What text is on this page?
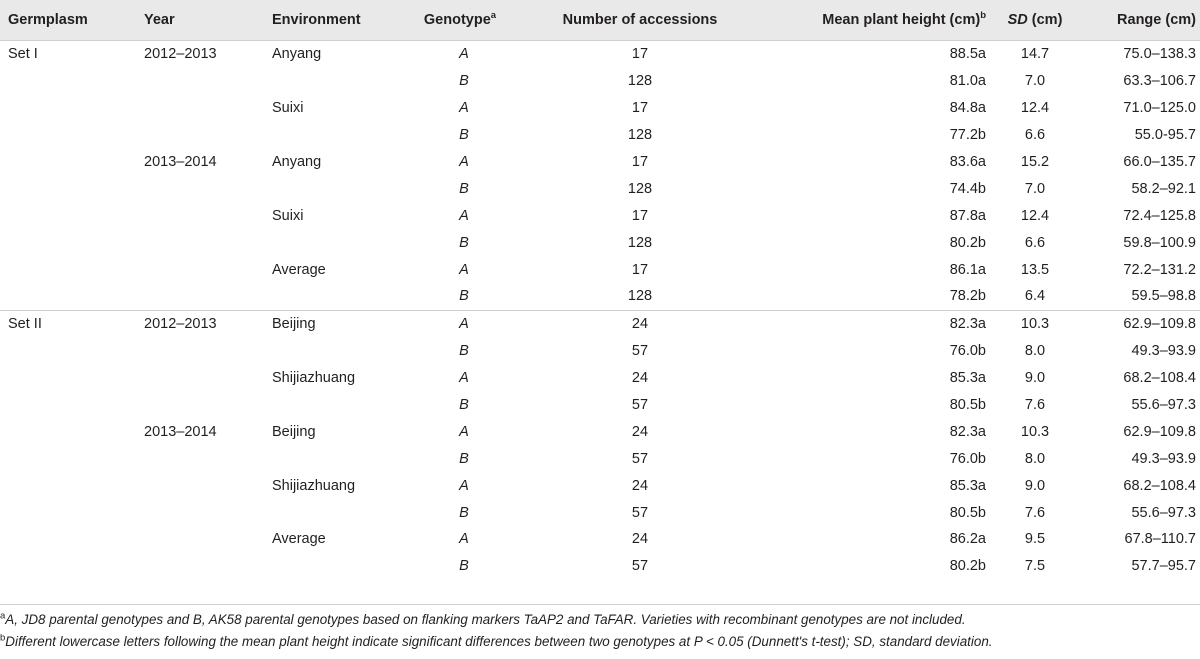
Germplasm	Year	Environment	Genotype$^a$	Number of accessions	Mean plant height (cm)$^b$	SD (cm)	Range (cm)
Set I	2012–2013	Anyang	A	17	88.5a	14.7	75.0–138.3
			B	128	81.0a	7.0	63.3–106.7
		Suixi	A	17	84.8a	12.4	71.0–125.0
			B	128	77.2b	6.6	55.0-95.7
	2013–2014	Anyang	A	17	83.6a	15.2	66.0–135.7
			B	128	74.4b	7.0	58.2–92.1
		Suixi	A	17	87.8a	12.4	72.4–125.8
			B	128	80.2b	6.6	59.8–100.9
		Average	A	17	86.1a	13.5	72.2–131.2
			B	128	78.2b	6.4	59.5–98.8
Set II	2012–2013	Beijing	A	24	82.3a	10.3	62.9–109.8
			B	57	76.0b	8.0	49.3–93.9
		Shijiazhuang	A	24	85.3a	9.0	68.2–108.4
			B	57	80.5b	7.6	55.6–97.3
	2013–2014	Beijing	A	24	82.3a	10.3	62.9–109.8
			B	57	76.0b	8.0	49.3–93.9
		Shijiazhuang	A	24	85.3a	9.0	68.2–108.4
			B	57	80.5b	7.6	55.6–97.3
		Average	A	24	86.2a	9.5	67.8–110.7
			B	57	80.2b	7.5	57.7–95.7
$^a$A, JD8 parental genotypes and B, AK58 parental genotypes based on flanking markers TaAP2 and TaFAR. Varieties with recombinant genotypes are not included.
$^b$Different lowercase letters following the mean plant height indicate significant differences between two genotypes at P < 0.05 (Dunnett's t-test); SD, standard deviation.
